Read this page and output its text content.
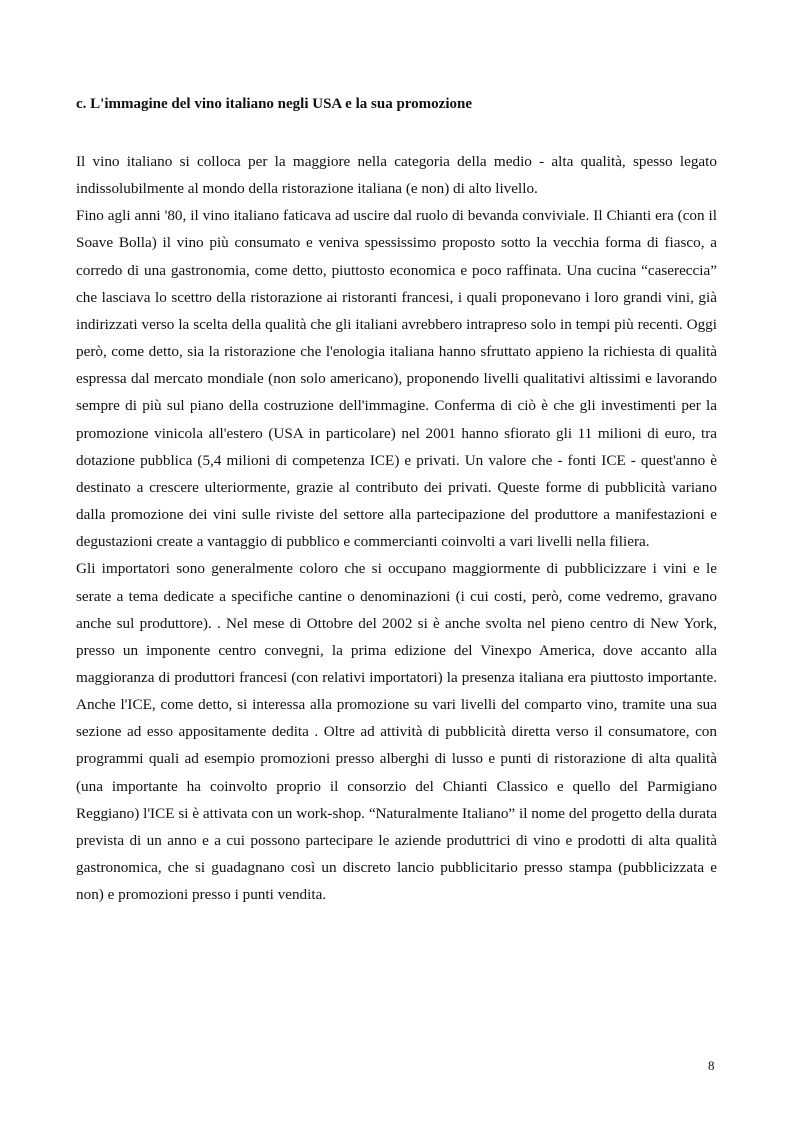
c. L'immagine del vino italiano negli USA e la sua promozione

Il vino italiano si colloca per la maggiore nella categoria della medio - alta qualità, spesso legato indissolubilmente al mondo della ristorazione italiana (e non) di alto livello.

Fino agli anni '80, il vino italiano faticava ad uscire dal ruolo di bevanda conviviale. Il Chianti era (con il Soave Bolla) il vino più consumato e veniva spessissimo proposto sotto la vecchia forma di fiasco, a corredo di una gastronomia, come detto, piuttosto economica e poco raffinata. Una cucina “casereccia” che lasciava lo scettro della ristorazione ai ristoranti francesi, i quali proponevano i loro grandi vini, già indirizzati verso la scelta della qualità che gli italiani avrebbero intrapreso solo in tempi più recenti. Oggi però, come detto, sia la ristorazione che l'enologia italiana hanno sfruttato appieno la richiesta di qualità espressa dal mercato mondiale (non solo americano), proponendo livelli qualitativi altissimi e lavorando sempre di più sul piano della costruzione dell'immagine. Conferma di ciò è che gli investimenti per la promozione vinicola all'estero (USA in particolare) nel 2001 hanno sfiorato gli 11 milioni di euro, tra dotazione pubblica (5,4 milioni di competenza ICE) e privati. Un valore che - fonti ICE - quest'anno è destinato a crescere ulteriormente, grazie al contributo dei privati. Queste forme di pubblicità variano dalla promozione dei vini sulle riviste del settore alla partecipazione del produttore a manifestazioni e degustazioni create a vantaggio di pubblico e commercianti coinvolti a vari livelli nella filiera.

Gli importatori sono generalmente coloro che si occupano maggiormente di pubblicizzare i vini e le serate a tema dedicate a specifiche cantine o denominazioni (i cui costi, però, come vedremo, gravano anche sul produttore). . Nel mese di Ottobre del 2002 si è anche svolta nel pieno centro di New York, presso un imponente centro convegni, la prima edizione del Vinexpo America, dove accanto alla maggioranza di produttori francesi (con relativi importatori) la presenza italiana era piuttosto importante. Anche l'ICE, come detto, si interessa alla promozione su vari livelli del comparto vino, tramite una sua sezione ad esso appositamente dedita . Oltre ad attività di pubblicità diretta verso il consumatore, con programmi quali ad esempio promozioni presso alberghi di lusso e punti di ristorazione di alta qualità (una importante ha coinvolto proprio il consorzio del Chianti Classico e quello del Parmigiano Reggiano) l'ICE si è attivata con un work-shop. “Naturalmente Italiano” il nome del progetto della durata prevista di un anno e a cui possono partecipare le aziende produttrici di vino e prodotti di alta qualità gastronomica, che si guadagnano così un discreto lancio pubblicitario presso stampa (pubblicizzata e non) e promozioni presso i punti vendita.

8
